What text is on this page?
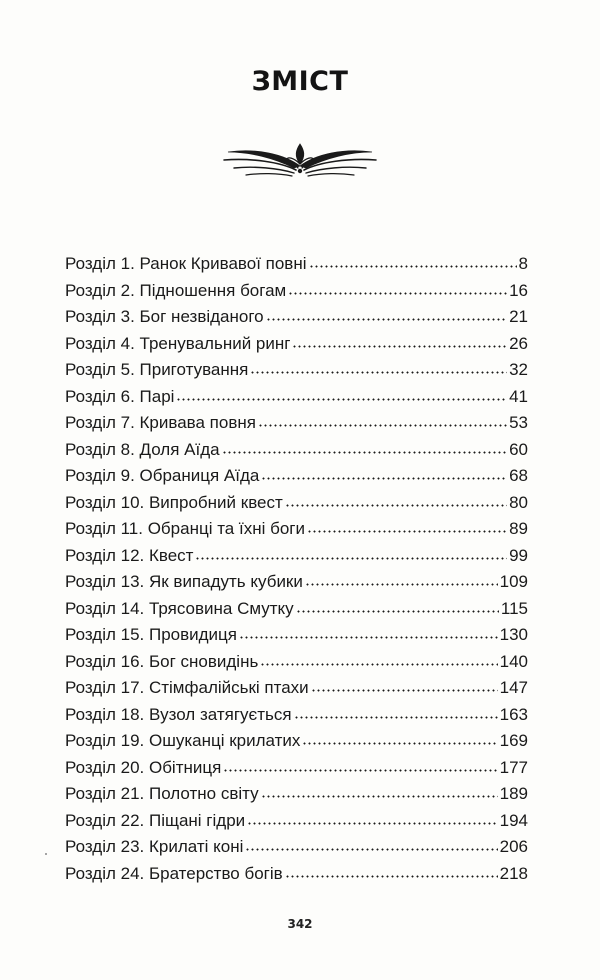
ЗМІСТ
Розділ 1. Ранок Кривавої повні	8
Розділ 2. Підношення богам	16
Розділ 3. Бог незвіданого	21
Розділ 4. Тренувальний ринг	26
Розділ 5. Приготування	32
Розділ 6. Парі	41
Розділ 7. Кривава повня	53
Розділ 8. Доля Аїда	60
Розділ 9. Обраниця Аїда	68
Розділ 10. Випробний квест	80
Розділ 11. Обранці та їхні боги	89
Розділ 12. Квест	99
Розділ 13. Як випадуть кубики	109
Розділ 14. Трясовина Смутку	115
Розділ 15. Провидиця	130
Розділ 16. Бог сновидінь	140
Розділ 17. Стімфалійські птахи	147
Розділ 18. Вузол затягується	163
Розділ 19. Ошуканці крилатих	169
Розділ 20. Обітниця	177
Розділ 21. Полотно світу	189
Розділ 22. Піщані гідри	194
Розділ 23. Крилаті коні	206
Розділ 24. Братерство богів	218
342
